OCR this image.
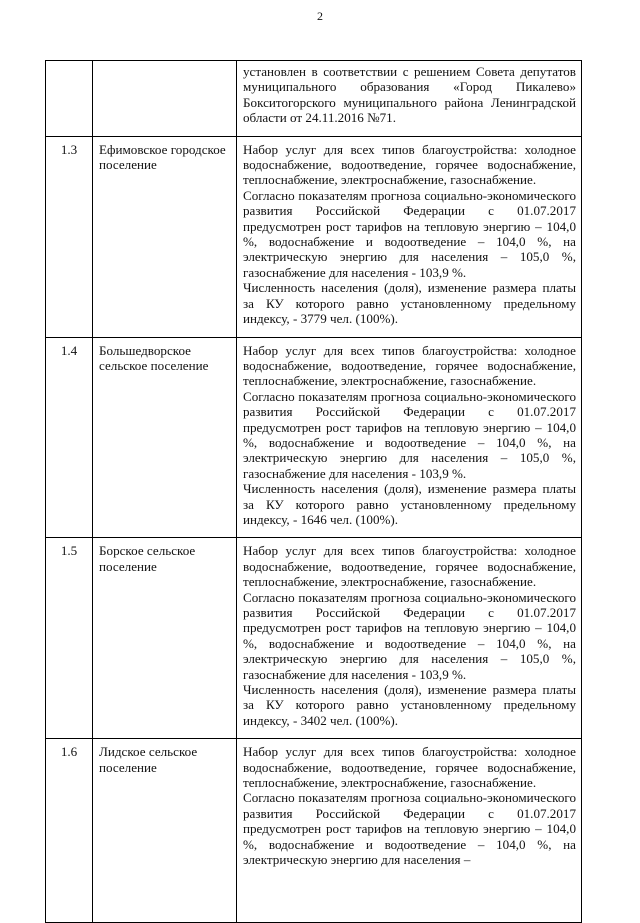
2

		установлен в соответствии с решением Совета депутатов муниципального образования «Город Пикалево» Бокситогорского муниципального района Ленинградской области от 24.11.2016 №71.

1.3	Ефимовское городское поселение	Набор услуг для всех типов благоустройства: холодное водоснабжение, водоотведение, горячее водоснабжение, теплоснабжение, электроснабжение, газоснабжение.
Согласно показателям прогноза социально-экономического развития Российской Федерации с 01.07.2017 предусмотрен рост тарифов на тепловую энергию – 104,0 %, водоснабжение и водоотведение – 104,0 %, на электрическую энергию для населения – 105,0 %, газоснабжение для населения - 103,9 %.
Численность населения (доля), изменение размера платы за КУ которого равно установленному предельному индексу, - 3779 чел. (100%).

1.4	Большедворское сельское поселение	Набор услуг для всех типов благоустройства: холодное водоснабжение, водоотведение, горячее водоснабжение, теплоснабжение, электроснабжение, газоснабжение.
Согласно показателям прогноза социально-экономического развития Российской Федерации с 01.07.2017 предусмотрен рост тарифов на тепловую энергию – 104,0 %, водоснабжение и водоотведение – 104,0 %, на электрическую энергию для населения – 105,0 %, газоснабжение для населения - 103,9 %.
Численность населения (доля), изменение размера платы за КУ которого равно установленному предельному индексу, - 1646 чел. (100%).

1.5	Борское сельское поселение	Набор услуг для всех типов благоустройства: холодное водоснабжение, водоотведение, горячее водоснабжение, теплоснабжение, электроснабжение, газоснабжение.
Согласно показателям прогноза социально-экономического развития Российской Федерации с 01.07.2017 предусмотрен рост тарифов на тепловую энергию – 104,0 %, водоснабжение и водоотведение – 104,0 %, на электрическую энергию для населения – 105,0 %, газоснабжение для населения - 103,9 %.
Численность населения (доля), изменение размера платы за КУ которого равно установленному предельному индексу, - 3402 чел. (100%).

1.6	Лидское сельское поселение	Набор услуг для всех типов благоустройства: холодное водоснабжение, водоотведение, горячее водоснабжение, теплоснабжение, электроснабжение, газоснабжение.
Согласно показателям прогноза социально-экономического развития Российской Федерации с 01.07.2017 предусмотрен рост тарифов на тепловую энергию – 104,0 %, водоснабжение и водоотведение – 104,0 %, на электрическую энергию для населения –
